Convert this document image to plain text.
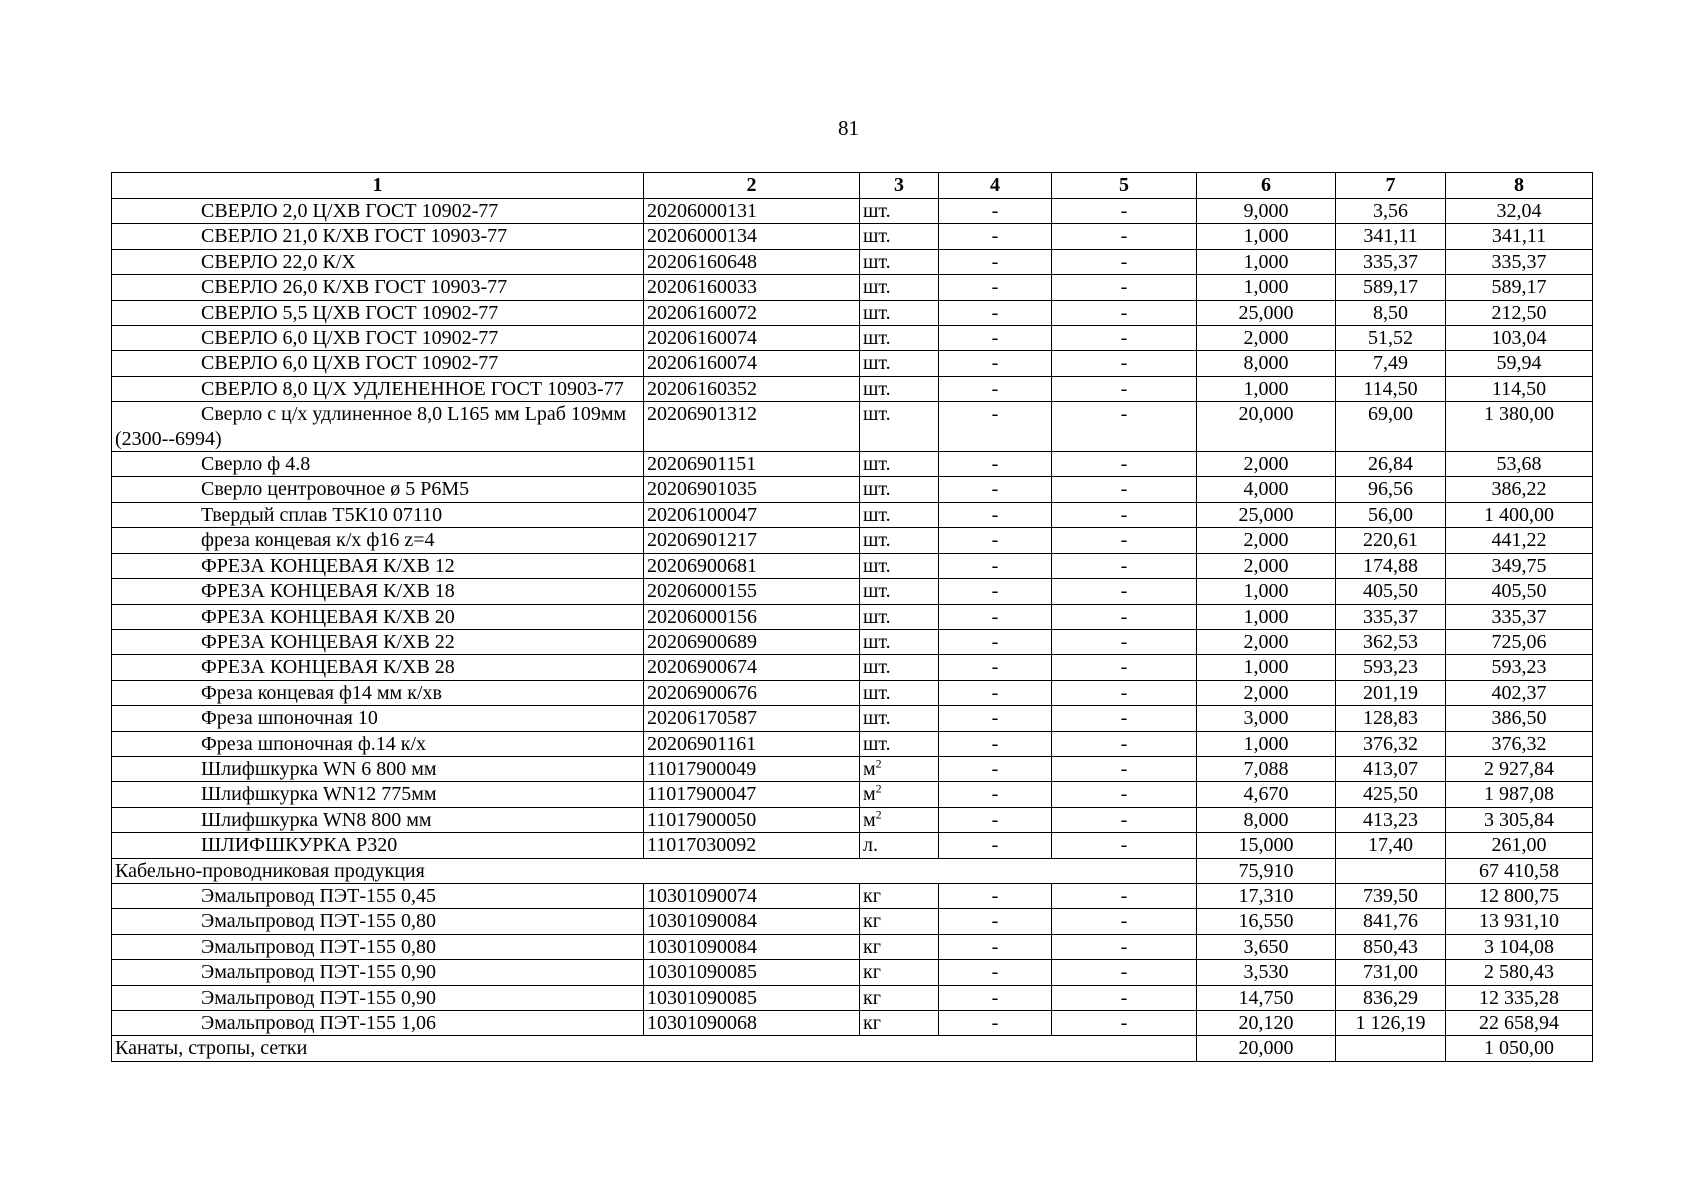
81
1	2	3	4	5	6	7	8
СВЕРЛО 2,0 Ц/ХВ ГОСТ 10902-77	20206000131	шт.	-	-	9,000	3,56	32,04
СВЕРЛО 21,0 К/ХВ ГОСТ 10903-77	20206000134	шт.	-	-	1,000	341,11	341,11
СВЕРЛО 22,0 К/Х	20206160648	шт.	-	-	1,000	335,37	335,37
СВЕРЛО 26,0 К/ХВ ГОСТ 10903-77	20206160033	шт.	-	-	1,000	589,17	589,17
СВЕРЛО 5,5 Ц/ХВ ГОСТ 10902-77	20206160072	шт.	-	-	25,000	8,50	212,50
СВЕРЛО 6,0 Ц/ХВ ГОСТ 10902-77	20206160074	шт.	-	-	2,000	51,52	103,04
СВЕРЛО 6,0 Ц/ХВ ГОСТ 10902-77	20206160074	шт.	-	-	8,000	7,49	59,94
СВЕРЛО 8,0 Ц/Х УДЛЕНЕННОЕ ГОСТ 10903-77	20206160352	шт.	-	-	1,000	114,50	114,50
Сверло с ц/х удлиненное 8,0 L165 мм Lраб 109мм (2300--6994)	20206901312	шт.	-	-	20,000	69,00	1 380,00
Сверло ф 4.8	20206901151	шт.	-	-	2,000	26,84	53,68
Сверло центровочное ø 5 Р6М5	20206901035	шт.	-	-	4,000	96,56	386,22
Твердый сплав Т5К10 07110	20206100047	шт.	-	-	25,000	56,00	1 400,00
фреза концевая к/х ф16 z=4	20206901217	шт.	-	-	2,000	220,61	441,22
ФРЕЗА КОНЦЕВАЯ К/ХВ 12	20206900681	шт.	-	-	2,000	174,88	349,75
ФРЕЗА КОНЦЕВАЯ К/ХВ 18	20206000155	шт.	-	-	1,000	405,50	405,50
ФРЕЗА КОНЦЕВАЯ К/ХВ 20	20206000156	шт.	-	-	1,000	335,37	335,37
ФРЕЗА КОНЦЕВАЯ К/ХВ 22	20206900689	шт.	-	-	2,000	362,53	725,06
ФРЕЗА КОНЦЕВАЯ К/ХВ 28	20206900674	шт.	-	-	1,000	593,23	593,23
Фреза концевая ф14 мм к/хв	20206900676	шт.	-	-	2,000	201,19	402,37
Фреза шпоночная 10	20206170587	шт.	-	-	3,000	128,83	386,50
Фреза шпоночная ф.14 к/х	20206901161	шт.	-	-	1,000	376,32	376,32
Шлифшкурка WN 6 800 мм	11017900049	$м^2$	-	-	7,088	413,07	2 927,84
Шлифшкурка WN12 775мм	11017900047	$м^2$	-	-	4,670	425,50	1 987,08
Шлифшкурка WN8 800 мм	11017900050	$м^2$	-	-	8,000	413,23	3 305,84
ШЛИФШКУРКА Р320	11017030092	л.	-	-	15,000	17,40	261,00
Кабельно-проводниковая продукция					75,910		67 410,58
Эмальпровод ПЭТ-155 0,45	10301090074	кг	-	-	17,310	739,50	12 800,75
Эмальпровод ПЭТ-155 0,80	10301090084	кг	-	-	16,550	841,76	13 931,10
Эмальпровод ПЭТ-155 0,80	10301090084	кг	-	-	3,650	850,43	3 104,08
Эмальпровод ПЭТ-155 0,90	10301090085	кг	-	-	3,530	731,00	2 580,43
Эмальпровод ПЭТ-155 0,90	10301090085	кг	-	-	14,750	836,29	12 335,28
Эмальпровод ПЭТ-155 1,06	10301090068	кг	-	-	20,120	1 126,19	22 658,94
Канаты, стропы, сетки					20,000		1 050,00
